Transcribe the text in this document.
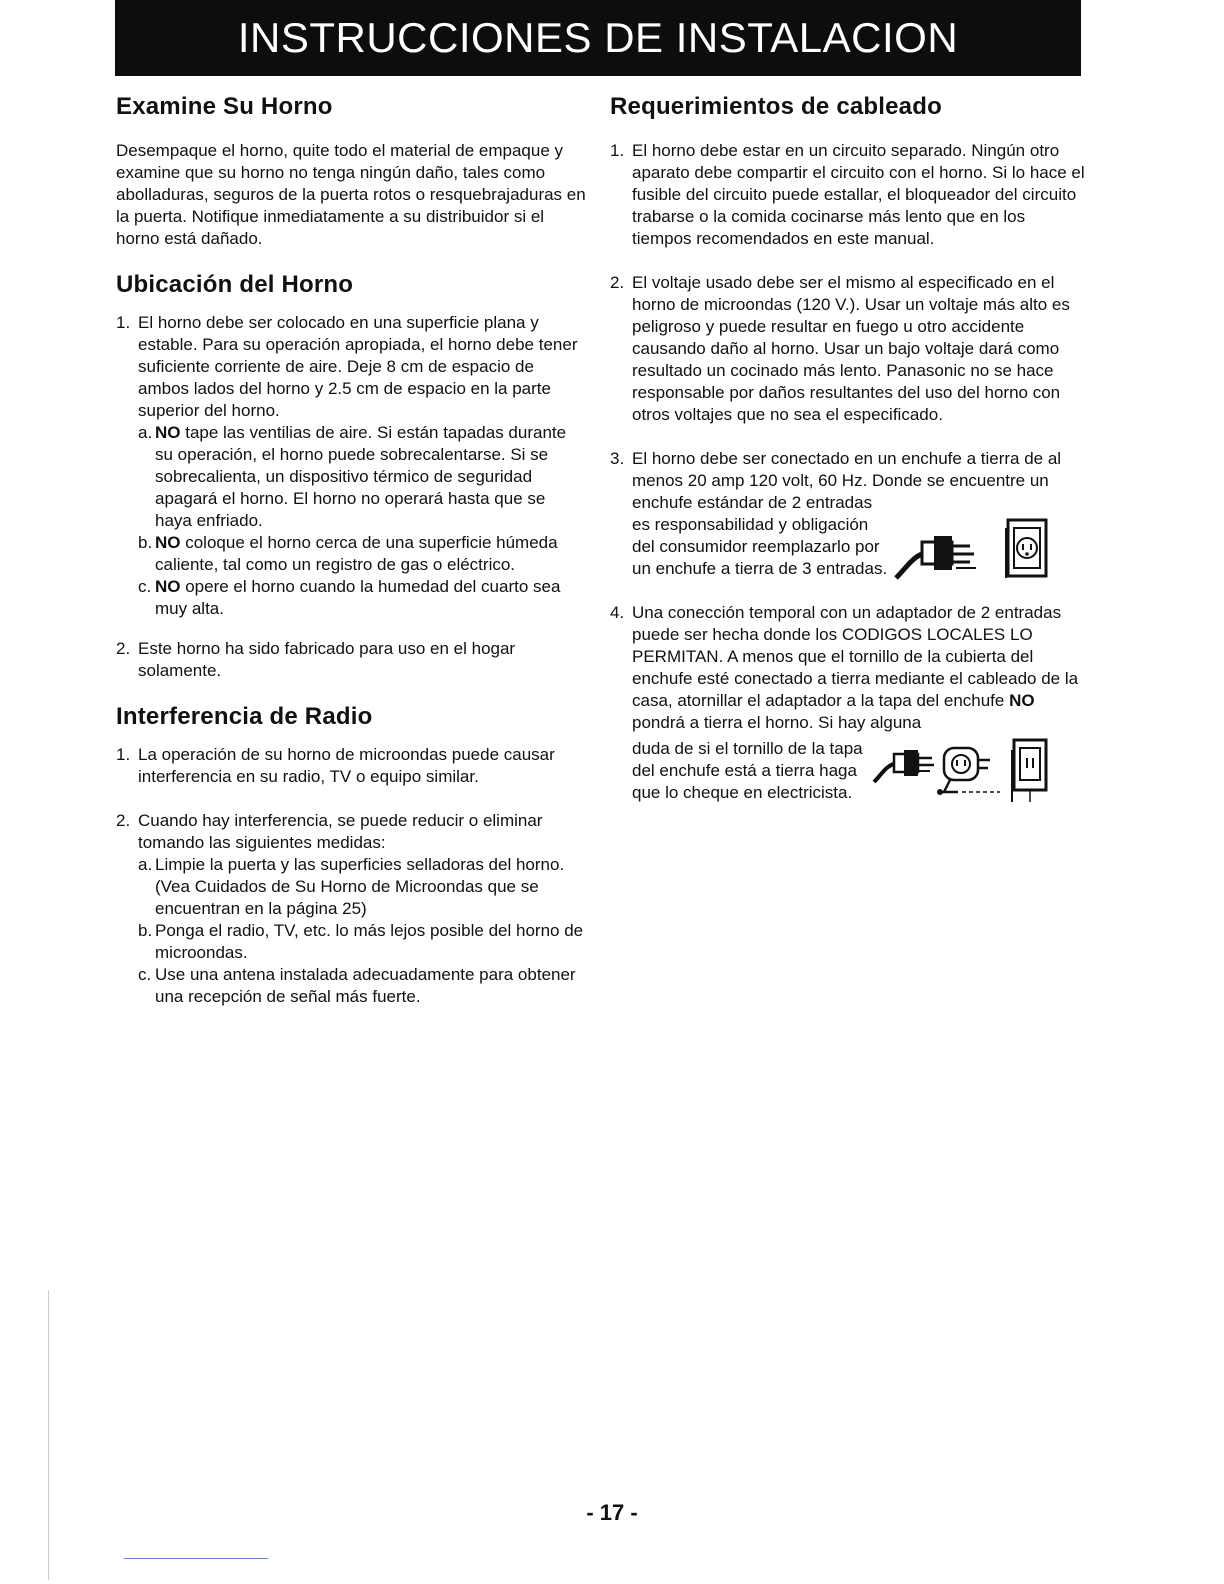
INSTRUCCIONES DE INSTALACION
Examine Su Horno

Desempaque el horno, quite todo el material de empaque y examine que su horno no tenga ningún daño, tales como abolladuras, seguros de la puerta rotos o resquebrajaduras en la puerta. Notifique inmediatamente a su distribuidor si el horno está dañado.

Ubicación del Horno
1. El horno debe ser colocado en una superficie plana y estable. Para su operación apropiada, el horno debe tener suficiente corriente de aire. Deje 8 cm de espacio de ambos lados del horno y 2.5 cm de espacio en la parte superior del horno.
a. NO tape las ventilias de aire. Si están tapadas durante su operación, el horno puede sobrecalentarse. Si se sobrecalienta, un dispositivo térmico de seguridad apagará el horno. El horno no operará hasta que se haya enfriado.
b. NO coloque el horno cerca de una superficie húmeda caliente, tal como un registro de gas o eléctrico.
c. NO opere el horno cuando la humedad del cuarto sea muy alta.
2. Este horno ha sido fabricado para uso en el hogar solamente.
Interferencia de Radio
1. La operación de su horno de microondas puede causar interferencia en su radio, TV o equipo similar.
2. Cuando hay interferencia, se puede reducir o eliminar tomando las siguientes medidas:
a. Limpie la puerta y las superficies selladoras del horno. (Vea Cuidados de Su Horno de Microondas que se encuentran en la página 25)
b. Ponga el radio, TV, etc. lo más lejos posible del horno de microondas.
c. Use una antena instalada adecuadamente para obtener una recepción de señal más fuerte.
Requerimientos de cableado
1. El horno debe estar en un circuito separado. Ningún otro aparato debe compartir el circuito con el horno. Si lo hace el fusible del circuito puede estallar, el bloqueador del circuito trabarse o la comida cocinarse más lento que en los tiempos recomendados en este manual.
2. El voltaje usado debe ser el mismo al especificado en el horno de microondas (120 V.). Usar un voltaje más alto es peligroso y puede resultar en fuego u otro accidente causando daño al horno. Usar un bajo voltaje dará como resultado un cocinado más lento. Panasonic no se hace responsable por daños resultantes del uso del horno con otros voltajes que no sea el especificado.
3. El horno debe ser conectado en un enchufe a tierra de al menos 20 amp 120 volt, 60 Hz. Donde se encuentre un enchufe estándar de 2 entradas
es responsabilidad y obligación del consumidor reemplazarlo por un enchufe a tierra de 3 entradas.
4. Una conección temporal con un adaptador de 2 entradas puede ser hecha donde los CODIGOS LOCALES LO PERMITAN. A menos que el tornillo de la cubierta del enchufe esté conectado a tierra mediante el cableado de la casa, atornillar el adaptador a la tapa del enchufe NO pondrá a tierra el horno. Si hay alguna
duda de si el tornillo de la tapa del enchufe está a tierra haga que lo cheque en electricista.
- 17 -
